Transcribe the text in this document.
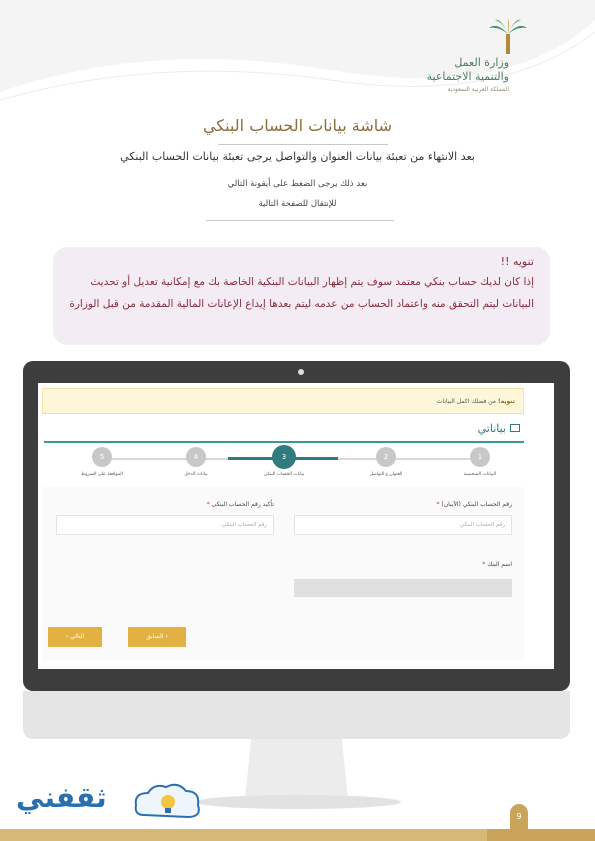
وزارة العمل
والتنمية الاجتماعية
المملكة العربية السعودية
شاشة بيانات الحساب البنكي
بعد الانتهاء من تعبئة بيانات العنوان والتواصل يرجى تعبئة بيانات الحساب البنكي
بعد ذلك يرجى الضغط على أيقونة التالي
للإنتقال للصفحة التالية
تنويه !!
إذا كان لديك حساب بنكي معتمد سوف يتم إظهار البيانات البنكية الخاصة بك مع إمكانية تعديل أو تحديث البيانات ليتم التحقق منه واعتماد الحساب من عدمه ليتم بعدها إيداع الإعانات المالية المقدمة من قبل الوزارة
تنويه! من فضلك اكمل البيانات
بياناتي
1
2
3
4
5
البيانات الشخصية
العنوان و التواصل
بيانات الحساب البنكي
بيانات الدخل
الموافقة على الشروط
رقم الحساب البنكي (الآيبان) *
رقم الحساب البنكي
تأكيد رقم الحساب البنكى *
رقم الحساب البنكي
اسم البنك *
‹ السابق
التالي ›
9
ثقفني
